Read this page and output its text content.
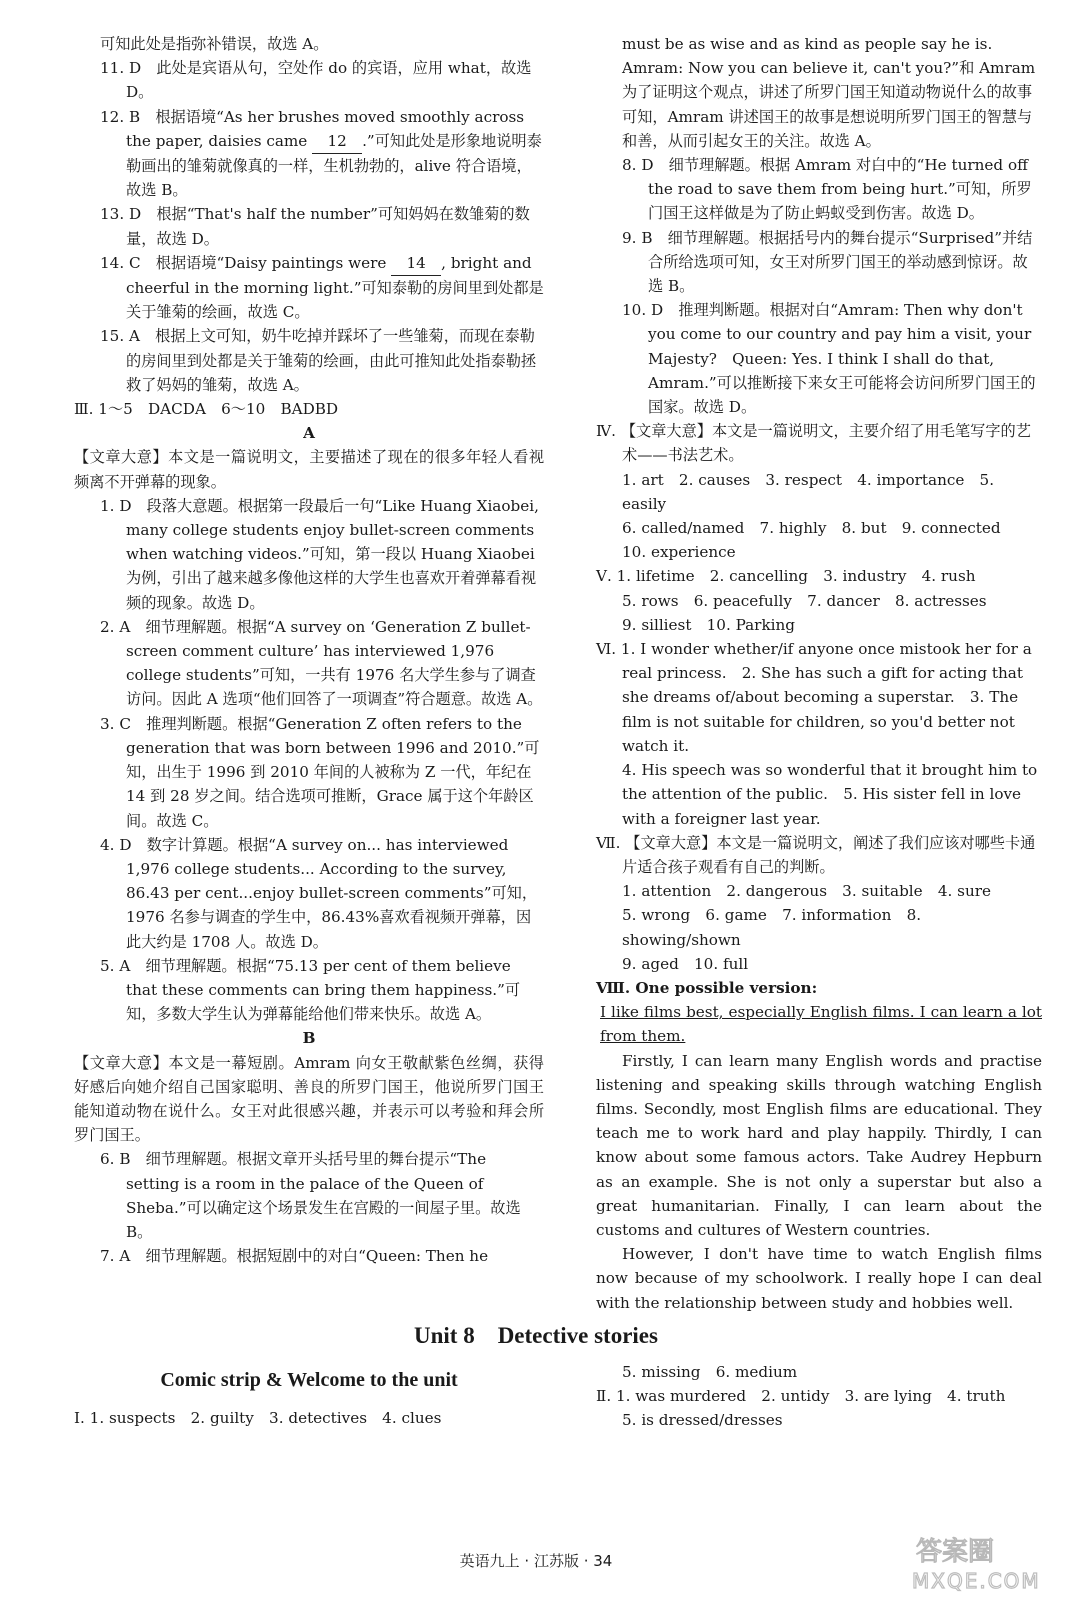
可知此处是指弥补错误，故选 A。
11. D　此处是宾语从句，空处作 do 的宾语，应用 what，故选 D。
12. B　根据语境“As her brushes moved smoothly across the paper, daisies came 12 .”可知此处是形象地说明泰勒画出的雏菊就像真的一样，生机勃勃的，alive 符合语境，故选 B。
13. D　根据“That's half the number”可知妈妈在数雏菊的数量，故选 D。
14. C　根据语境“Daisy paintings were 14 , bright and cheerful in the morning light.”可知泰勒的房间里到处都是关于雏菊的绘画，故选 C。
15. A　根据上文可知，奶牛吃掉并踩坏了一些雏菊，而现在泰勒的房间里到处都是关于雏菊的绘画，由此可推知此处指泰勒拯救了妈妈的雏菊，故选 A。
Ⅲ. 1～5　DACDA　6～10　BADBD
A
【文章大意】本文是一篇说明文，主要描述了现在的很多年轻人看视频离不开弹幕的现象。
1. D　段落大意题。根据第一段最后一句“Like Huang Xiaobei, many college students enjoy bullet-screen comments when watching videos.”可知，第一段以 Huang Xiaobei 为例，引出了越来越多像他这样的大学生也喜欢开着弹幕看视频的现象。故选 D。
2. A　细节理解题。根据“A survey on ‘Generation Z bullet-screen comment culture’ has interviewed 1,976 college students”可知，一共有 1976 名大学生参与了调查访问。因此 A 选项“他们回答了一项调查”符合题意。故选 A。
3. C　推理判断题。根据“Generation Z often refers to the generation that was born between 1996 and 2010.”可知，出生于 1996 到 2010 年间的人被称为 Z 一代，年纪在 14 到 28 岁之间。结合选项可推断，Grace 属于这个年龄区间。故选 C。
4. D　数字计算题。根据“A survey on... has interviewed 1,976 college students... According to the survey, 86.43 per cent...enjoy bullet-screen comments”可知，1976 名参与调查的学生中，86.43%喜欢看视频开弹幕，因此大约是 1708 人。故选 D。
5. A　细节理解题。根据“75.13 per cent of them believe that these comments can bring them happiness.”可知，多数大学生认为弹幕能给他们带来快乐。故选 A。
B
【文章大意】本文是一幕短剧。Amram 向女王敬献紫色丝绸，获得好感后向她介绍自己国家聪明、善良的所罗门国王，他说所罗门国王能知道动物在说什么。女王对此很感兴趣，并表示可以考验和拜会所罗门国王。
6. B　细节理解题。根据文章开头括号里的舞台提示“The setting is a room in the palace of the Queen of Sheba.”可以确定这个场景发生在宫殿的一间屋子里。故选 B。
7. A　细节理解题。根据短剧中的对白“Queen: Then he
must be as wise and as kind as people say he is. Amram: Now you can believe it, can't you?”和 Amram 为了证明这个观点，讲述了所罗门国王知道动物说什么的故事可知，Amram 讲述国王的故事是想说明所罗门国王的智慧与和善，从而引起女王的关注。故选 A。
8. D　细节理解题。根据 Amram 对白中的“He turned off the road to save them from being hurt.”可知，所罗门国王这样做是为了防止蚂蚁受到伤害。故选 D。
9. B　细节理解题。根据括号内的舞台提示“Surprised”并结合所给选项可知，女王对所罗门国王的举动感到惊讶。故选 B。
10. D　推理判断题。根据对白“Amram: Then why don't you come to our country and pay him a visit, your Majesty?　Queen: Yes. I think I shall do that, Amram.”可以推断接下来女王可能将会访问所罗门国王的国家。故选 D。
Ⅳ. 【文章大意】本文是一篇说明文，主要介绍了用毛笔写字的艺术——书法艺术。
1. art　2. causes　3. respect　4. importance　5. easily
6. called/named　7. highly　8. but　9. connected
10. experience
Ⅴ. 1. lifetime　2. cancelling　3. industry　4. rush
5. rows　6. peacefully　7. dancer　8. actresses
9. silliest　10. Parking
Ⅵ. 1. I wonder whether/if anyone once mistook her for a real princess.　2. She has such a gift for acting that she dreams of/about becoming a superstar.　3. The film is not suitable for children, so you'd better not watch it.
4. His speech was so wonderful that it brought him to the attention of the public.　5. His sister fell in love with a foreigner last year.
Ⅶ. 【文章大意】本文是一篇说明文，阐述了我们应该对哪些卡通片适合孩子观看有自己的判断。
1. attention　2. dangerous　3. suitable　4. sure
5. wrong　6. game　7. information　8. showing/shown
9. aged　10. full
Ⅷ. One possible version:
I like films best, especially English films. I can learn a lot from them.
Firstly, I can learn many English words and practise listening and speaking skills through watching English films. Secondly, most English films are educational. They teach me to work hard and play happily. Thirdly, I can know about some famous actors. Take Audrey Hepburn as an example. She is not only a superstar but also a great humanitarian. Finally, I can learn about the customs and cultures of Western countries.
However, I don't have time to watch English films now because of my schoolwork. I really hope I can deal with the relationship between study and hobbies well.
Unit 8　Detective stories
Comic strip & Welcome to the unit
Ⅰ. 1. suspects　2. guilty　3. detectives　4. clues
5. missing　6. medium
Ⅱ. 1. was murdered　2. untidy　3. are lying　4. truth
5. is dressed/dresses
英语九上 · 江苏版 · 34	答案圈
MXQE.COM
